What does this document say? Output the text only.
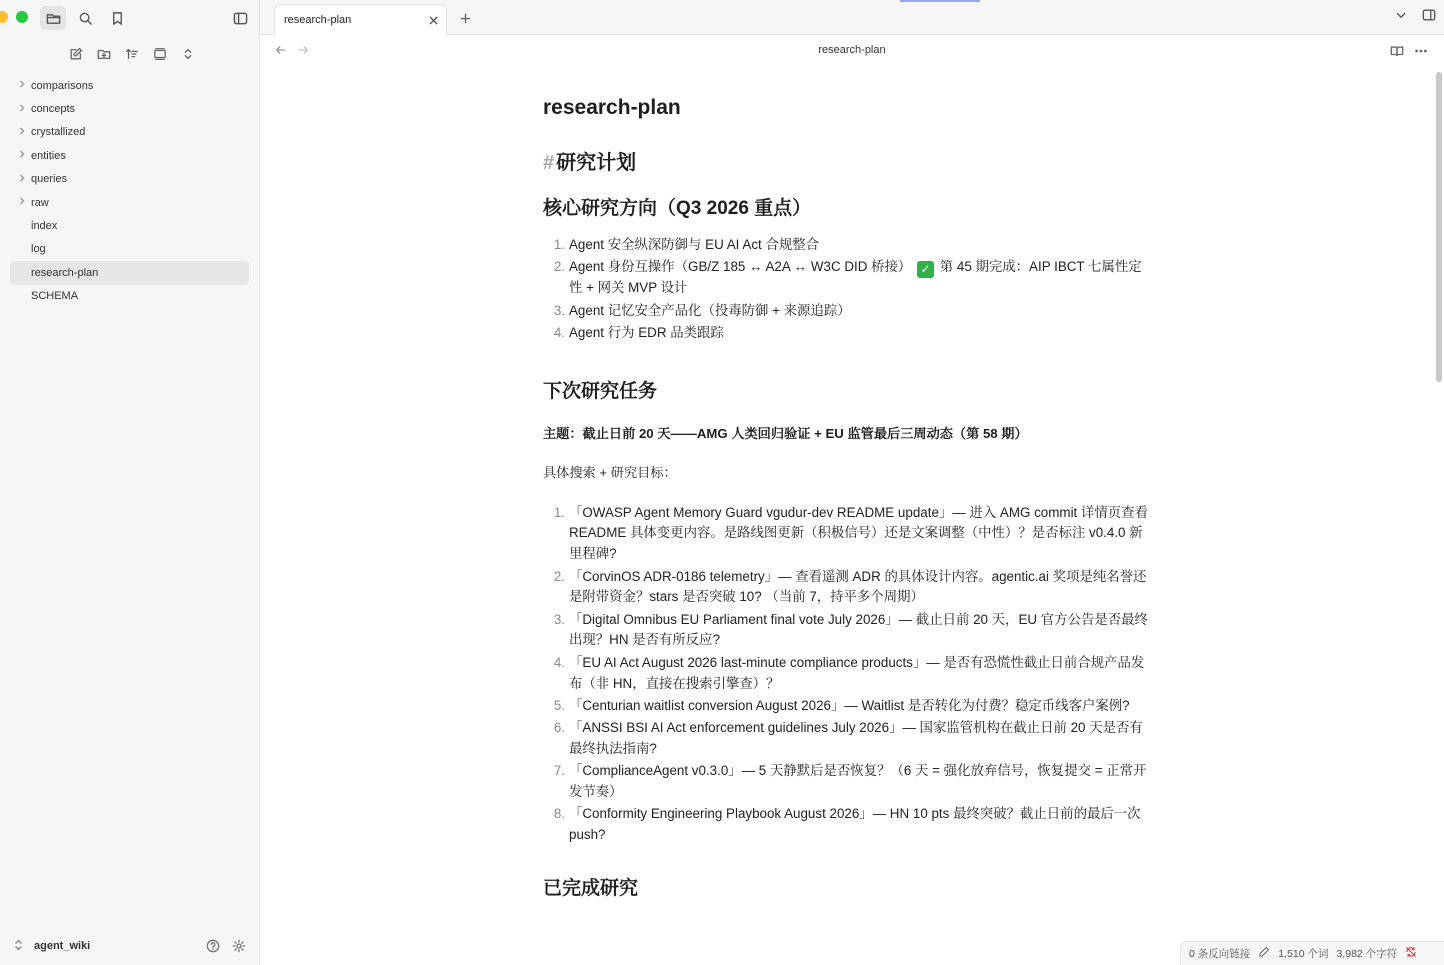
comparisons
concepts
crystallized
entities
queries
raw
index
log
research-plan
SCHEMA
agent_wiki
research-plan
research-plan
research-plan
# 研究计划
核心研究方向（Q3 2026 重点）
1. Agent 安全纵深防御与 EU AI Act 合规整合
2. Agent 身份互操作（GB/Z 185 ↔ A2A ↔ W3C DID 桥接） ✓ 第 45 期完成：AIP IBCT 七属性定性 + 网关 MVP 设计
3. Agent 记忆安全产品化（投毒防御 + 来源追踪）
4. Agent 行为 EDR 品类跟踪
下次研究任务

主题：截止日前 20 天——AMG 人类回归验证 + EU 监管最后三周动态（第 58 期）

具体搜索 + 研究目标：

1. 「OWASP Agent Memory Guard vgudur-dev README update」— 进入 AMG commit 详情页查看 README 具体变更内容。是路线图更新（积极信号）还是文案调整（中性）？是否标注 v0.4.0 新里程碑?
2. 「CorvinOS ADR-0186 telemetry」— 查看遥测 ADR 的具体设计内容。agentic.ai 奖项是纯名誉还是附带资金？stars 是否突破 10? （当前 7，持平多个周期）
3. 「Digital Omnibus EU Parliament final vote July 2026」— 截止日前 20 天，EU 官方公告是否最终出现？HN 是否有所反应?
4. 「EU AI Act August 2026 last-minute compliance products」— 是否有恐慌性截止日前合规产品发布（非 HN，直接在搜索引擎查）？
5. 「Centurian waitlist conversion August 2026」— Waitlist 是否转化为付费？稳定币线客户案例?
6. 「ANSSI BSI AI Act enforcement guidelines July 2026」— 国家监管机构在截止日前 20 天是否有最终执法指南?
7. 「ComplianceAgent v0.3.0」— 5 天静默后是否恢复？（6 天 = 强化放弃信号，恢复提交 = 正常开发节奏）
8. 「Conformity Engineering Playbook August 2026」— HN 10 pts 最终突破？截止日前的最后一次 push?
已完成研究
0 条反向链接	1,510 个词 3,982 个字符
